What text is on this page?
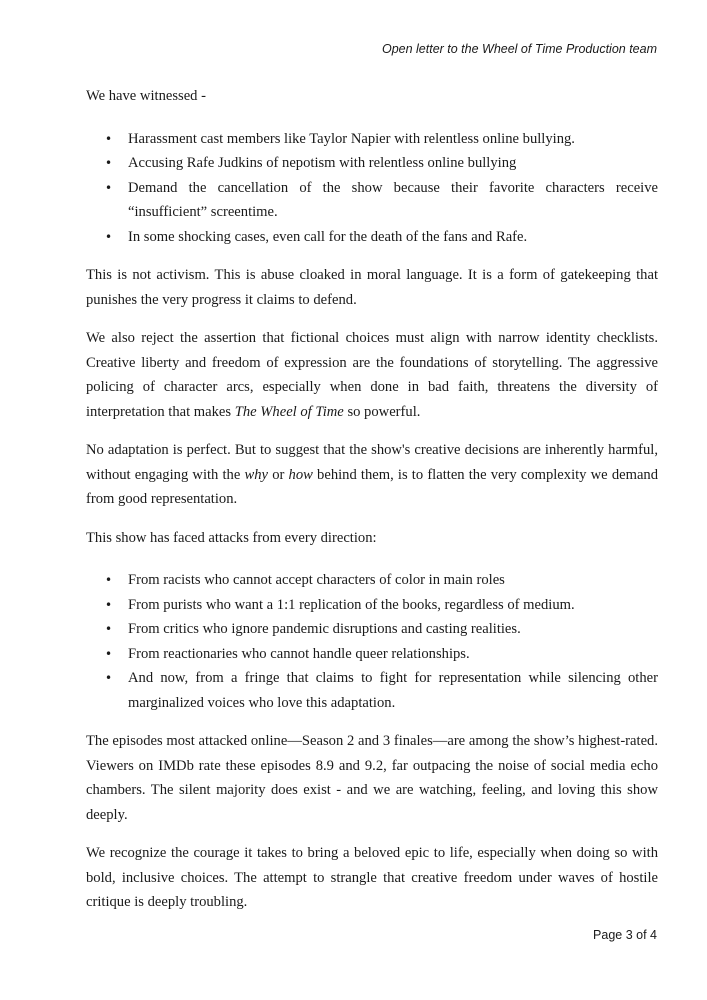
Open letter to the Wheel of Time Production team

We have witnessed -

• Harassment cast members like Taylor Napier with relentless online bullying.
• Accusing Rafe Judkins of nepotism with relentless online bullying
• Demand the cancellation of the show because their favorite characters receive “insufficient” screentime.
• In some shocking cases, even call for the death of the fans and Rafe.

This is not activism. This is abuse cloaked in moral language. It is a form of gatekeeping that punishes the very progress it claims to defend.

We also reject the assertion that fictional choices must align with narrow identity checklists. Creative liberty and freedom of expression are the foundations of storytelling. The aggressive policing of character arcs, especially when done in bad faith, threatens the diversity of interpretation that makes The Wheel of Time so powerful.

No adaptation is perfect. But to suggest that the show's creative decisions are inherently harmful, without engaging with the why or how behind them, is to flatten the very complexity we demand from good representation.

This show has faced attacks from every direction:

• From racists who cannot accept characters of color in main roles
• From purists who want a 1:1 replication of the books, regardless of medium.
• From critics who ignore pandemic disruptions and casting realities.
• From reactionaries who cannot handle queer relationships.
• And now, from a fringe that claims to fight for representation while silencing other marginalized voices who love this adaptation.

The episodes most attacked online—Season 2 and 3 finales—are among the show’s highest-rated. Viewers on IMDb rate these episodes 8.9 and 9.2, far outpacing the noise of social media echo chambers. The silent majority does exist - and we are watching, feeling, and loving this show deeply.

We recognize the courage it takes to bring a beloved epic to life, especially when doing so with bold, inclusive choices. The attempt to strangle that creative freedom under waves of hostile critique is deeply troubling.

Page 3 of 4
